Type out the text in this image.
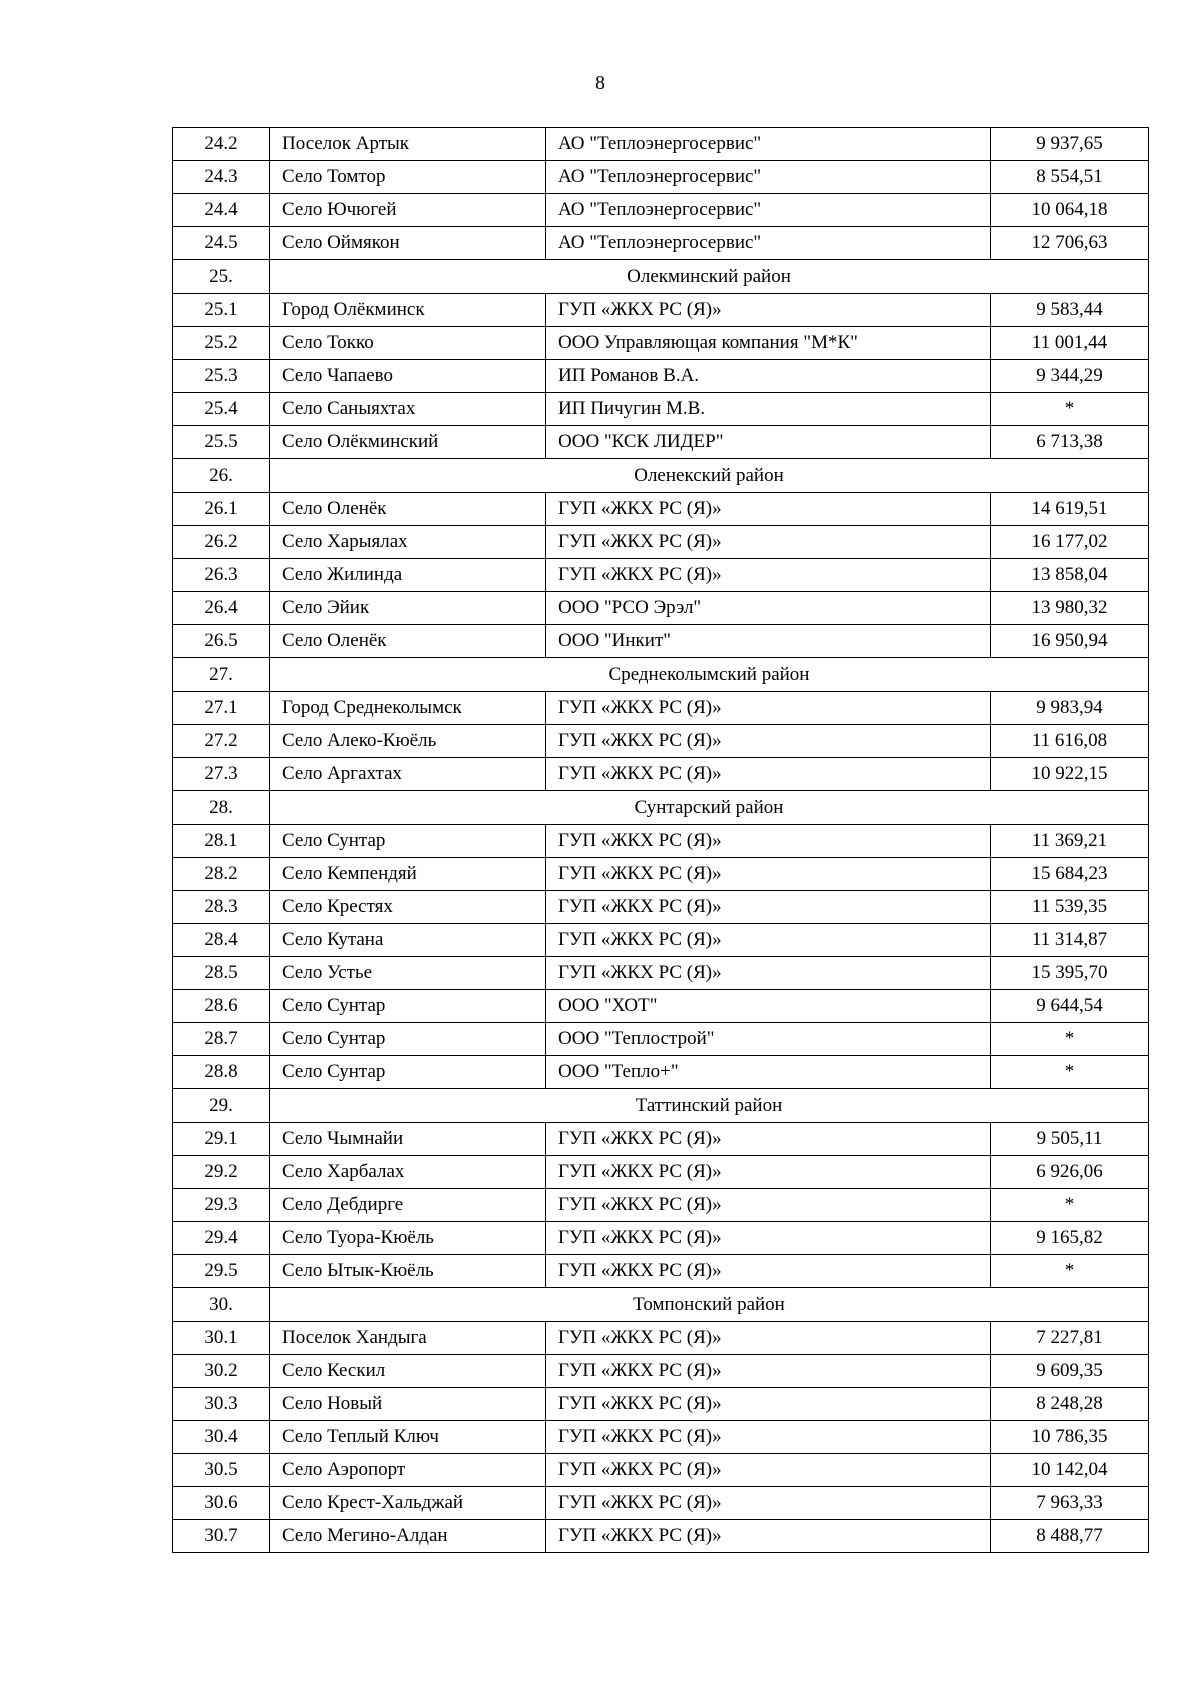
8
24.2	Поселок Артык	АО "Теплоэнергосервис"	9 937,65
24.3	Село Томтор	АО "Теплоэнергосервис"	8 554,51
24.4	Село Ючюгей	АО "Теплоэнергосервис"	10 064,18
24.5	Село Оймякон	АО "Теплоэнергосервис"	12 706,63
25.	Олекминский район		
25.1	Город Олёкминск	ГУП «ЖКХ РС (Я)»	9 583,44
25.2	Село Токко	ООО Управляющая компания "М*К"	11 001,44
25.3	Село Чапаево	ИП Романов В.А.	9 344,29
25.4	Село Саныяхтах	ИП Пичугин М.В.	*
25.5	Село Олёкминский	ООО "КСК ЛИДЕР"	6 713,38
26.	Оленекский район		
26.1	Село Оленёк	ГУП «ЖКХ РС (Я)»	14 619,51
26.2	Село Харыялах	ГУП «ЖКХ РС (Я)»	16 177,02
26.3	Село Жилинда	ГУП «ЖКХ РС (Я)»	13 858,04
26.4	Село Эйик	ООО "РСО Эрэл"	13 980,32
26.5	Село Оленёк	ООО "Инкит"	16 950,94
27.	Среднеколымский район		
27.1	Город Среднеколымск	ГУП «ЖКХ РС (Я)»	9 983,94
27.2	Село Алеко-Кюёль	ГУП «ЖКХ РС (Я)»	11 616,08
27.3	Село Аргахтах	ГУП «ЖКХ РС (Я)»	10 922,15
28.	Сунтарский район		
28.1	Село Сунтар	ГУП «ЖКХ РС (Я)»	11 369,21
28.2	Село Кемпендяй	ГУП «ЖКХ РС (Я)»	15 684,23
28.3	Село Крестях	ГУП «ЖКХ РС (Я)»	11 539,35
28.4	Село Кутана	ГУП «ЖКХ РС (Я)»	11 314,87
28.5	Село Устье	ГУП «ЖКХ РС (Я)»	15 395,70
28.6	Село Сунтар	ООО "ХОТ"	9 644,54
28.7	Село Сунтар	ООО "Теплострой"	*
28.8	Село Сунтар	ООО "Тепло+"	*
29.	Таттинский район		
29.1	Село Чымнайи	ГУП «ЖКХ РС (Я)»	9 505,11
29.2	Село Харбалах	ГУП «ЖКХ РС (Я)»	6 926,06
29.3	Село Дебдирге	ГУП «ЖКХ РС (Я)»	*
29.4	Село Туора-Кюёль	ГУП «ЖКХ РС (Я)»	9 165,82
29.5	Село Ытык-Кюёль	ГУП «ЖКХ РС (Я)»	*
30.	Томпонский район		
30.1	Поселок Хандыга	ГУП «ЖКХ РС (Я)»	7 227,81
30.2	Село Кескил	ГУП «ЖКХ РС (Я)»	9 609,35
30.3	Село Новый	ГУП «ЖКХ РС (Я)»	8 248,28
30.4	Село Теплый Ключ	ГУП «ЖКХ РС (Я)»	10 786,35
30.5	Село Аэропорт	ГУП «ЖКХ РС (Я)»	10 142,04
30.6	Село Крест-Хальджай	ГУП «ЖКХ РС (Я)»	7 963,33
30.7	Село Мегино-Алдан	ГУП «ЖКХ РС (Я)»	8 488,77
